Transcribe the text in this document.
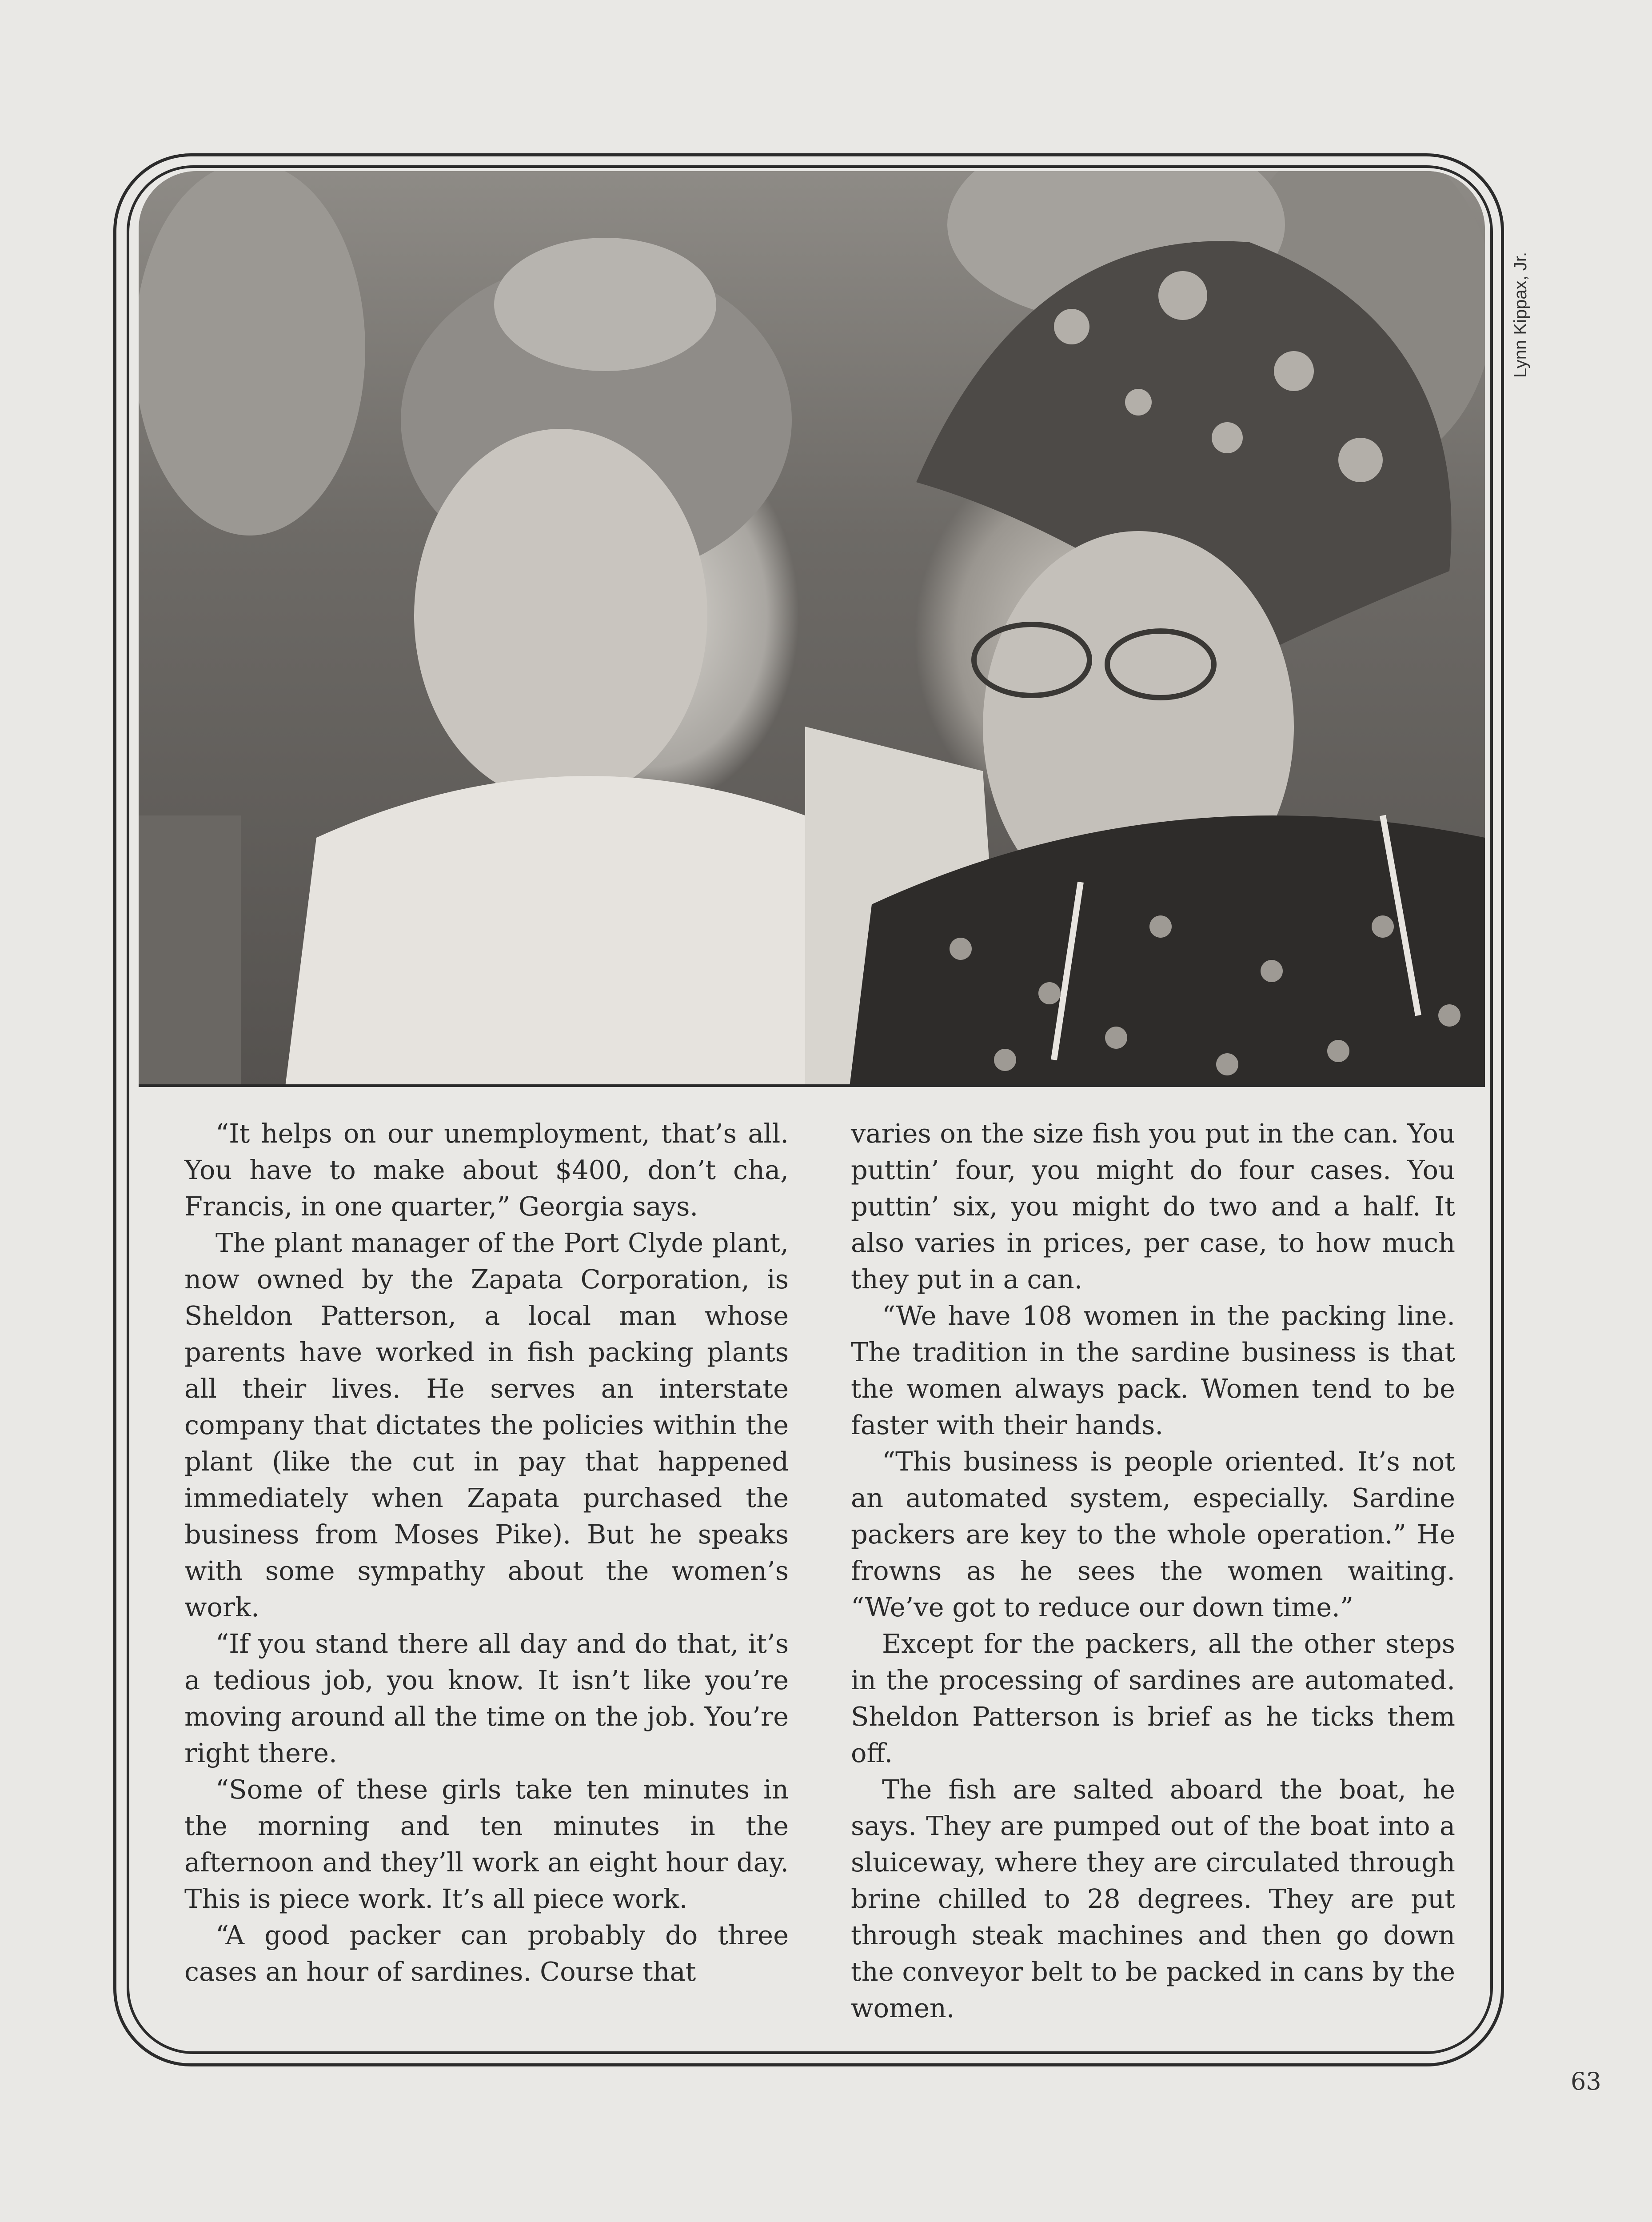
Lynn Kippax, Jr.

“It helps on our unemployment, that’s all. You have to make about $400, don’t cha, Francis, in one quarter,” Georgia says.

The plant manager of the Port Clyde plant, now owned by the Zapata Corporation, is Sheldon Patterson, a local man whose parents have worked in fish packing plants all their lives. He serves an interstate company that dictates the policies within the plant (like the cut in pay that happened immediately when Zapata purchased the business from Moses Pike). But he speaks with some sympathy about the women’s work.

“If you stand there all day and do that, it’s a tedious job, you know. It isn’t like you’re moving around all the time on the job. You’re right there.

“Some of these girls take ten minutes in the morning and ten minutes in the afternoon and they’ll work an eight hour day. This is piece work. It’s all piece work.

“A good packer can probably do three cases an hour of sardines. Course that

varies on the size fish you put in the can. You puttin’ four, you might do four cases. You puttin’ six, you might do two and a half. It also varies in prices, per case, to how much they put in a can.

“We have 108 women in the packing line. The tradition in the sardine business is that the women always pack. Women tend to be faster with their hands.

“This business is people oriented. It’s not an automated system, especially. Sardine packers are key to the whole operation.” He frowns as he sees the women waiting. “We’ve got to reduce our down time.”

Except for the packers, all the other steps in the processing of sardines are automated. Sheldon Patterson is brief as he ticks them off.

The fish are salted aboard the boat, he says. They are pumped out of the boat into a sluiceway, where they are circulated through brine chilled to 28 degrees. They are put through steak machines and then go down the conveyor belt to be packed in cans by the women.

63
